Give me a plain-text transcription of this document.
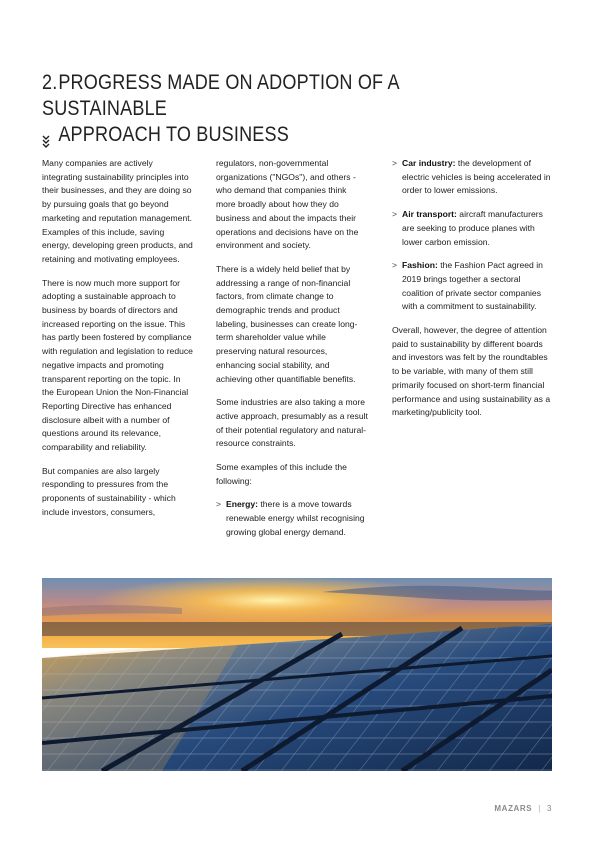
2.PROGRESS MADE ON ADOPTION OF A SUSTAINABLE
APPROACH TO BUSINESS

Many companies are actively integrating sustainability principles into their businesses, and they are doing so by pursuing goals that go beyond marketing and reputation management. Examples of this include, saving energy, developing green products, and retaining and motivating employees.

There is now much more support for adopting a sustainable approach to business by boards of directors and increased reporting on the issue. This has partly been fostered by compliance with regulation and legislation to reduce negative impacts and promoting transparent reporting on the topic. In the European Union the Non-Financial Reporting Directive has enhanced disclosure albeit with a number of questions around its relevance, comparability and reliability.

But companies are also largely responding to pressures from the proponents of sustainability - which include investors, consumers,

regulators, non-governmental organizations ("NGOs"), and others - who demand that companies think more broadly about how they do business and about the impacts their operations and decisions have on the environment and society.

There is a widely held belief that by addressing a range of non-financial factors, from climate change to demographic trends and product labeling, businesses can create long-term shareholder value while preserving natural resources, enhancing social stability, and achieving other quantifiable benefits.

Some industries are also taking a more active approach, presumably as a result of their potential regulatory and natural-resource constraints.

Some examples of this include the following:

> Energy: there is a move towards renewable energy whilst recognising growing global energy demand.
> Car industry: the development of electric vehicles is being accelerated in order to lower emissions.
> Air transport: aircraft manufacturers are seeking to produce planes with lower carbon emission.
> Fashion: the Fashion Pact agreed in 2019 brings together a sectoral coalition of private sector companies with a commitment to sustainability.

Overall, however, the degree of attention paid to sustainability by different boards and investors was felt by the roundtables to be variable, with many of them still primarily focused on short-term financial performance and using sustainability as a marketing/publicity tool.

MAZARS | 3
